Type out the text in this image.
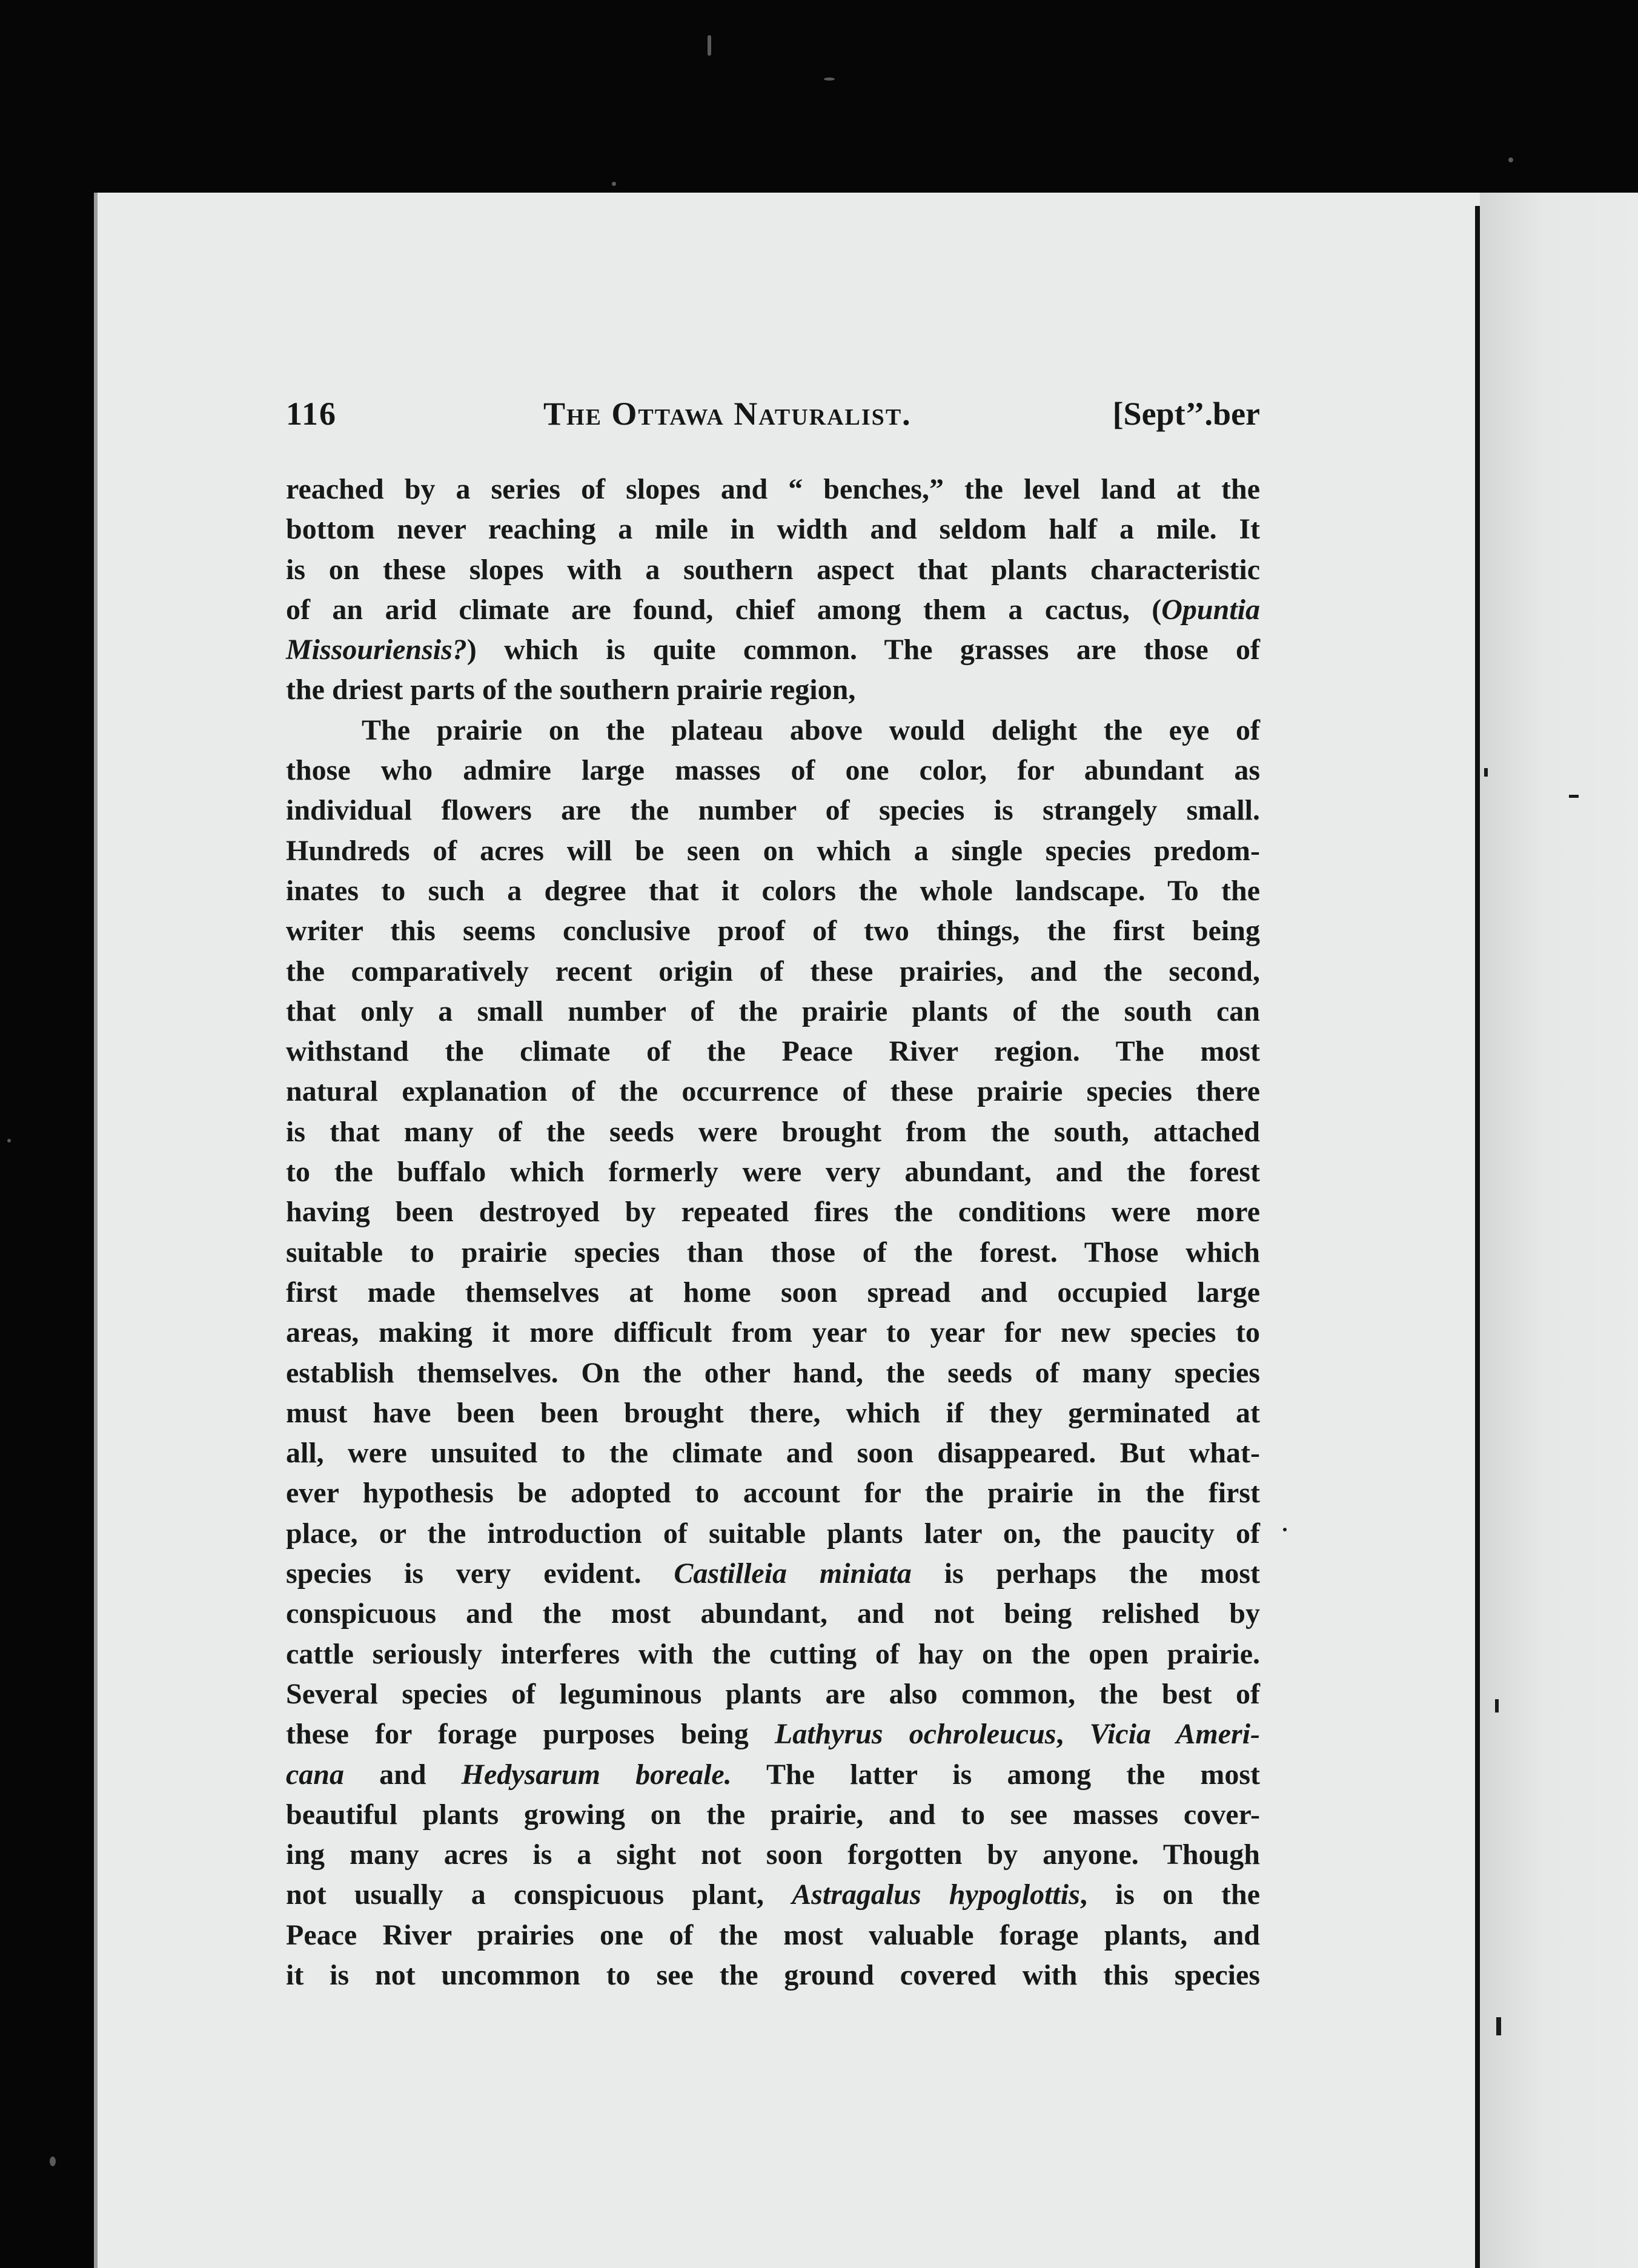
116	The Ottawa Naturalist.	[Sept’’.ber
reached by a series of slopes and “ benches,” the level land at the
bottom never reaching a mile in width and seldom half a mile. It
is on these slopes with a southern aspect that plants characteristic
of an arid climate are found, chief among them a cactus, (Opuntia
Missouriensis?) which is quite common. The grasses are those of
the driest parts of the southern prairie region,
The prairie on the plateau above would delight the eye of
those who admire large masses of one color, for abundant as
individual flowers are the number of species is strangely small.
Hundreds of acres will be seen on which a single species predom-
inates to such a degree that it colors the whole landscape. To the
writer this seems conclusive proof of two things, the first being
the comparatively recent origin of these prairies, and the second,
that only a small number of the prairie plants of the south can
withstand the climate of the Peace River region. The most
natural explanation of the occurrence of these prairie species there
is that many of the seeds were brought from the south, attached
to the buffalo which formerly were very abundant, and the forest
having been destroyed by repeated fires the conditions were more
suitable to prairie species than those of the forest. Those which
first made themselves at home soon spread and occupied large
areas, making it more difficult from year to year for new species to
establish themselves. On the other hand, the seeds of many species
must have been been brought there, which if they germinated at
all, were unsuited to the climate and soon disappeared. But what-
ever hypothesis be adopted to account for the prairie in the first
place, or the introduction of suitable plants later on, the paucity of
species is very evident. Castilleia miniata is perhaps the most
conspicuous and the most abundant, and not being relished by
cattle seriously interferes with the cutting of hay on the open prairie.
Several species of leguminous plants are also common, the best of
these for forage purposes being Lathyrus ochroleucus, Vicia Ameri-
cana and Hedysarum boreale. The latter is among the most
beautiful plants growing on the prairie, and to see masses cover-
ing many acres is a sight not soon forgotten by anyone. Though
not usually a conspicuous plant, Astragalus hypoglottis, is on the
Peace River prairies one of the most valuable forage plants, and
it is not uncommon to see the ground covered with this species
